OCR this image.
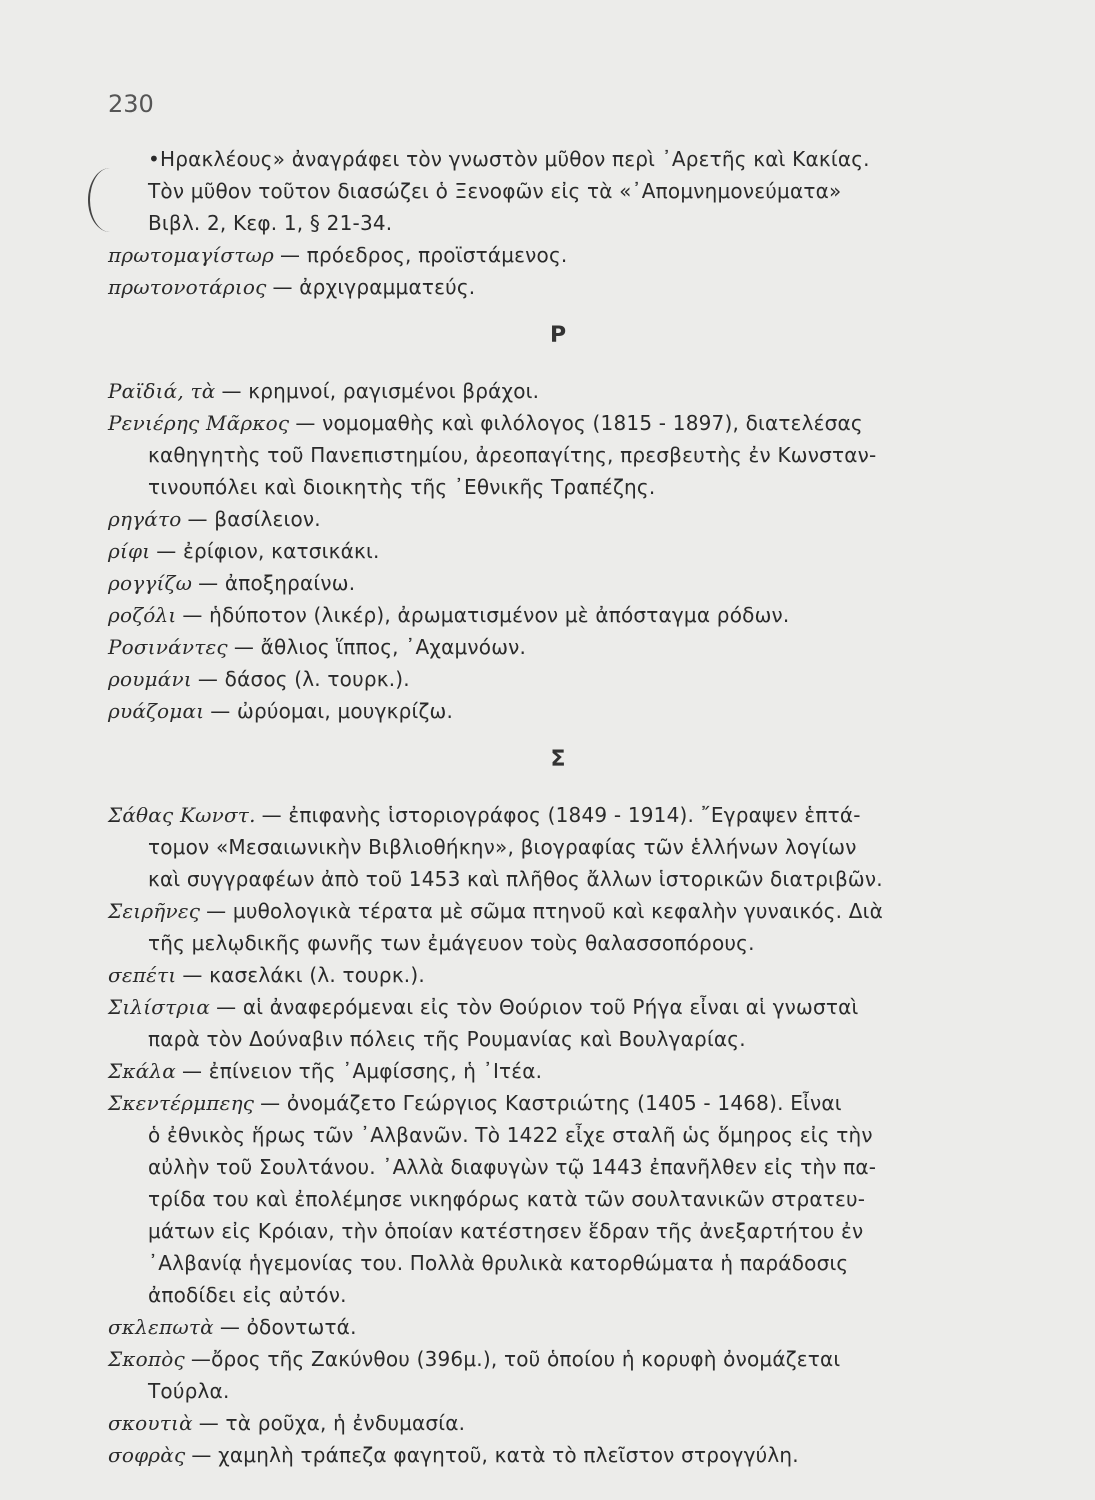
230
•Ηρακλέους» ἀναγράφει τὸν γνωστὸν μῦθον περὶ ᾿Αρετῆς καὶ Κακίας.
Τὸν μῦθον τοῦτον διασώζει ὁ Ξενοφῶν εἰς τὰ «᾿Απομνημονεύματα»
Βιβλ. 2, Κεφ. 1, § 21-34.
πρωτομαγίστωρ — πρόεδρος, προϊστάμενος.
πρωτονοτάριος — ἀρχιγραμματεύς.
Ρ
Ραϊδιά, τὰ — κρημνοί, ραγισμένοι βράχοι.
Ρενιέρης Μᾶρκος — νομομαθὴς καὶ φιλόλογος (1815 - 1897), διατελέσας
καθηγητὴς τοῦ Πανεπιστημίου, ἀρεοπαγίτης, πρεσβευτὴς ἐν Κωνσταν-
τινουπόλει καὶ διοικητὴς τῆς ᾿Εθνικῆς Τραπέζης.
ρηγάτο — βασίλειον.
ρίφι — ἐρίφιον, κατσικάκι.
ρογγίζω — ἀποξηραίνω.
ροζόλι — ἡδύποτον (λικέρ), ἀρωματισμένον μὲ ἀπόσταγμα ρόδων.
Ροσινάντες — ἄθλιος ἵππος, ᾿Αχαμνόων.
ρουμάνι — δάσος (λ. τουρκ.).
ρυάζομαι — ὠρύομαι, μουγκρίζω.
Σ
Σάθας Κωνστ. — ἐπιφανὴς ἱστοριογράφος (1849 - 1914). ῎Εγραψεν ἑπτά-
τομον «Μεσαιωνικὴν Βιβλιοθήκην», βιογραφίας τῶν ἑλλήνων λογίων
καὶ συγγραφέων ἀπὸ τοῦ 1453 καὶ πλῆθος ἄλλων ἱστορικῶν διατριβῶν.
Σειρῆνες — μυθολογικὰ τέρατα μὲ σῶμα πτηνοῦ καὶ κεφαλὴν γυναικός. Διὰ
τῆς μελῳδικῆς φωνῆς των ἐμάγευον τοὺς θαλασσοπόρους.
σεπέτι — κασελάκι (λ. τουρκ.).
Σιλίστρια — αἱ ἀναφερόμεναι εἰς τὸν Θούριον τοῦ Ρήγα εἶναι αἱ γνωσταὶ
παρὰ τὸν Δούναβιν πόλεις τῆς Ρουμανίας καὶ Βουλγαρίας.
Σκάλα — ἐπίνειον τῆς ᾿Αμφίσσης, ἡ ᾿Ιτέα.
Σκεντέρμπεης — ὀνομάζετο Γεώργιος Καστριώτης (1405 - 1468). Εἶναι
ὁ ἐθνικὸς ἥρως τῶν ᾿Αλβανῶν. Τὸ 1422 εἶχε σταλῆ ὡς ὅμηρος εἰς τὴν
αὐλὴν τοῦ Σουλτάνου. ᾿Αλλὰ διαφυγὼν τῷ 1443 ἐπανῆλθεν εἰς τὴν πα-
τρίδα του καὶ ἐπολέμησε νικηφόρως κατὰ τῶν σουλτανικῶν στρατευ-
μάτων εἰς Κρόιαν, τὴν ὁποίαν κατέστησεν ἕδραν τῆς ἀνεξαρτήτου ἐν
᾿Αλβανίᾳ ἡγεμονίας του. Πολλὰ θρυλικὰ κατορθώματα ἡ παράδοσις
ἀποδίδει εἰς αὐτόν.
σκλεπωτὰ — ὀδοντωτά.
Σκοπὸς —ὄρος τῆς Ζακύνθου (396μ.), τοῦ ὁποίου ἡ κορυφὴ ὀνομάζεται
Τούρλα.
σκουτιὰ — τὰ ροῦχα, ἡ ἐνδυμασία.
σοφρὰς — χαμηλὴ τράπεζα φαγητοῦ, κατὰ τὸ πλεῖστον στρογγύλη.
